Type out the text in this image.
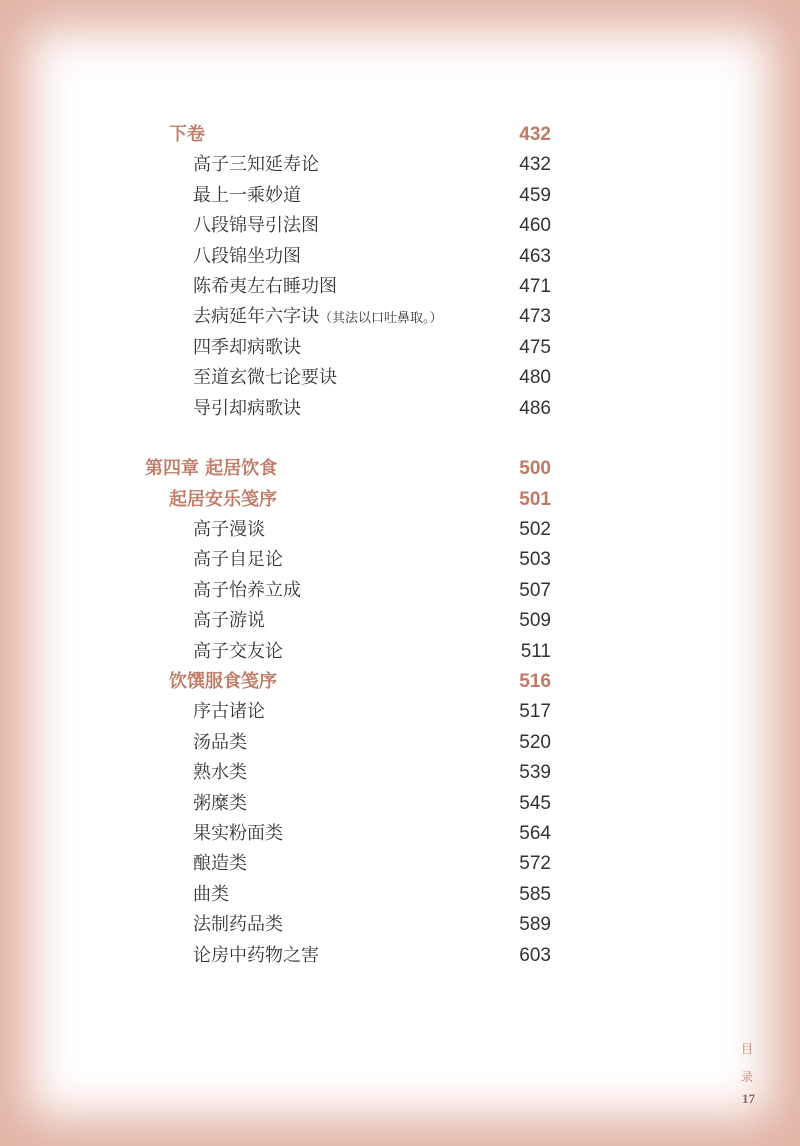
下卷	432
高子三知延寿论	432
最上一乘妙道	459
八段锦导引法图	460
八段锦坐功图	463
陈希夷左右睡功图	471
去病延年六字诀（其法以口吐鼻取。）	473
四季却病歌诀	475
至道玄微七论要诀	480
导引却病歌诀	486
第四章 起居饮食	500
起居安乐笺序	501
高子漫谈	502
高子自足论	503
高子怡养立成	507
高子游说	509
高子交友论	511
饮馔服食笺序	516
序古诸论	517
汤品类	520
熟水类	539
粥糜类	545
果实粉面类	564
酿造类	572
曲类	585
法制药品类	589
论房中药物之害	603
目
录
17
